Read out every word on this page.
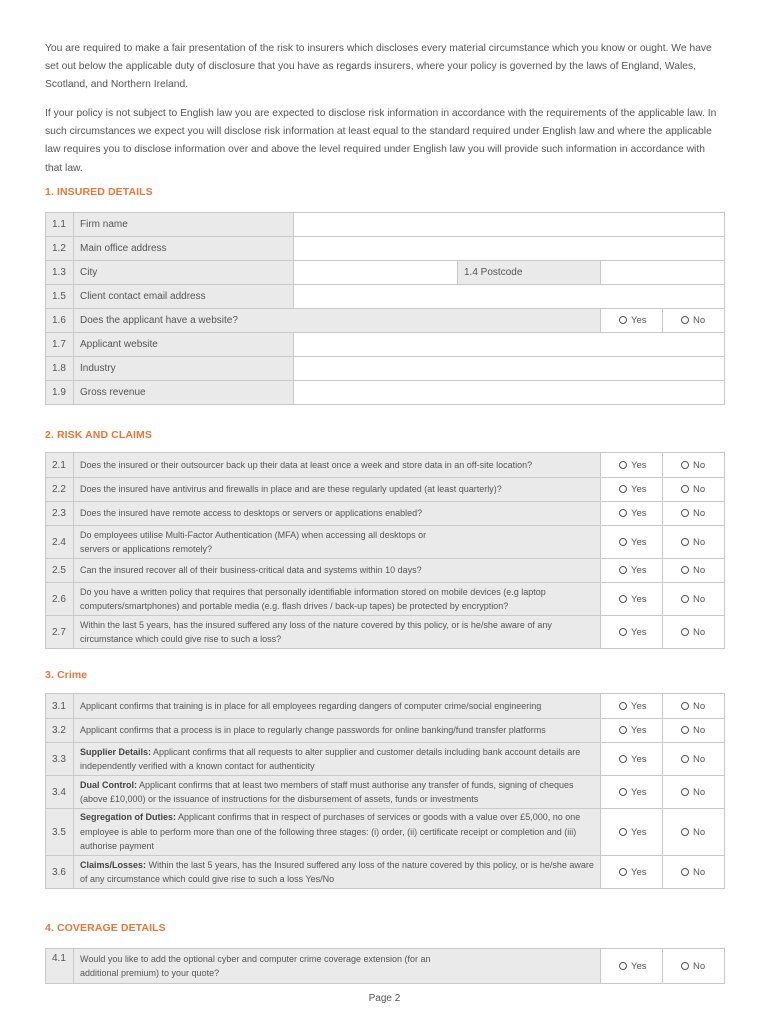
You are required to make a fair presentation of the risk to insurers which discloses every material circumstance which you know or ought. We have set out below the applicable duty of disclosure that you have as regards insurers, where your policy is governed by the laws of England, Wales, Scotland, and Northern Ireland.

If your policy is not subject to English law you are expected to disclose risk information in accordance with the requirements of the applicable law. In such circumstances we expect you will disclose risk information at least equal to the standard required under English law and where the applicable law requires you to disclose information over and above the level required under English law you will provide such information in accordance with that law.

1. INSURED DETAILS
1.1	Firm name				
1.2	Main office address				
1.3	City		1.4 Postcode		
1.5	Client contact email address				
1.6	Does the applicant have a website?			Yes	No
1.7	Applicant website				
1.8	Industry				
1.9	Gross revenue				
2. RISK AND CLAIMS
2.1	Does the insured or their outsourcer back up their data at least once a week and store data in an off-site location?	Yes	No
2.2	Does the insured have antivirus and firewalls in place and are these regularly updated (at least quarterly)?	Yes	No
2.3	Does the insured have remote access to desktops or servers or applications enabled?	Yes	No
2.4	Do employees utilise Multi-Factor Authentication (MFA) when accessing all desktops or servers or applications remotely?	Yes	No
2.5	Can the insured recover all of their business-critical data and systems within 10 days?	Yes	No
2.6	Do you have a written policy that requires that personally identifiable information stored on mobile devices (e.g laptop computers/smartphones) and portable media (e.g. flash drives / back-up tapes) be protected by encryption?	Yes	No
2.7	Within the last 5 years, has the insured suffered any loss of the nature covered by this policy, or is he/she aware of any circumstance which could give rise to such a loss?	Yes	No
3. Crime
3.1	Applicant confirms that training is in place for all employees regarding dangers of computer crime/social engineering	Yes	No
3.2	Applicant confirms that a process is in place to regularly change passwords for online banking/fund transfer platforms	Yes	No
3.3	Supplier Details: Applicant confirms that all requests to alter supplier and customer details including bank account details are independently verified with a known contact for authenticity	Yes	No
3.4	Dual Control: Applicant confirms that at least two members of staff must authorise any transfer of funds, signing of cheques (above £10,000) or the issuance of instructions for the disbursement of assets, funds or investments	Yes	No
3.5	Segregation of Duties: Applicant confirms that in respect of purchases of services or goods with a value over £5,000, no one employee is able to perform more than one of the following three stages: (i) order, (ii) certificate receipt or completion and (iii) authorise payment	Yes	No
3.6	Claims/Losses: Within the last 5 years, has the Insured suffered any loss of the nature covered by this policy, or is he/she aware of any circumstance which could give rise to such a loss Yes/No	Yes	No
4. COVERAGE DETAILS
4.1	Would you like to add the optional cyber and computer crime coverage extension (for an additional premium) to your quote?	Yes	No
Page 2
